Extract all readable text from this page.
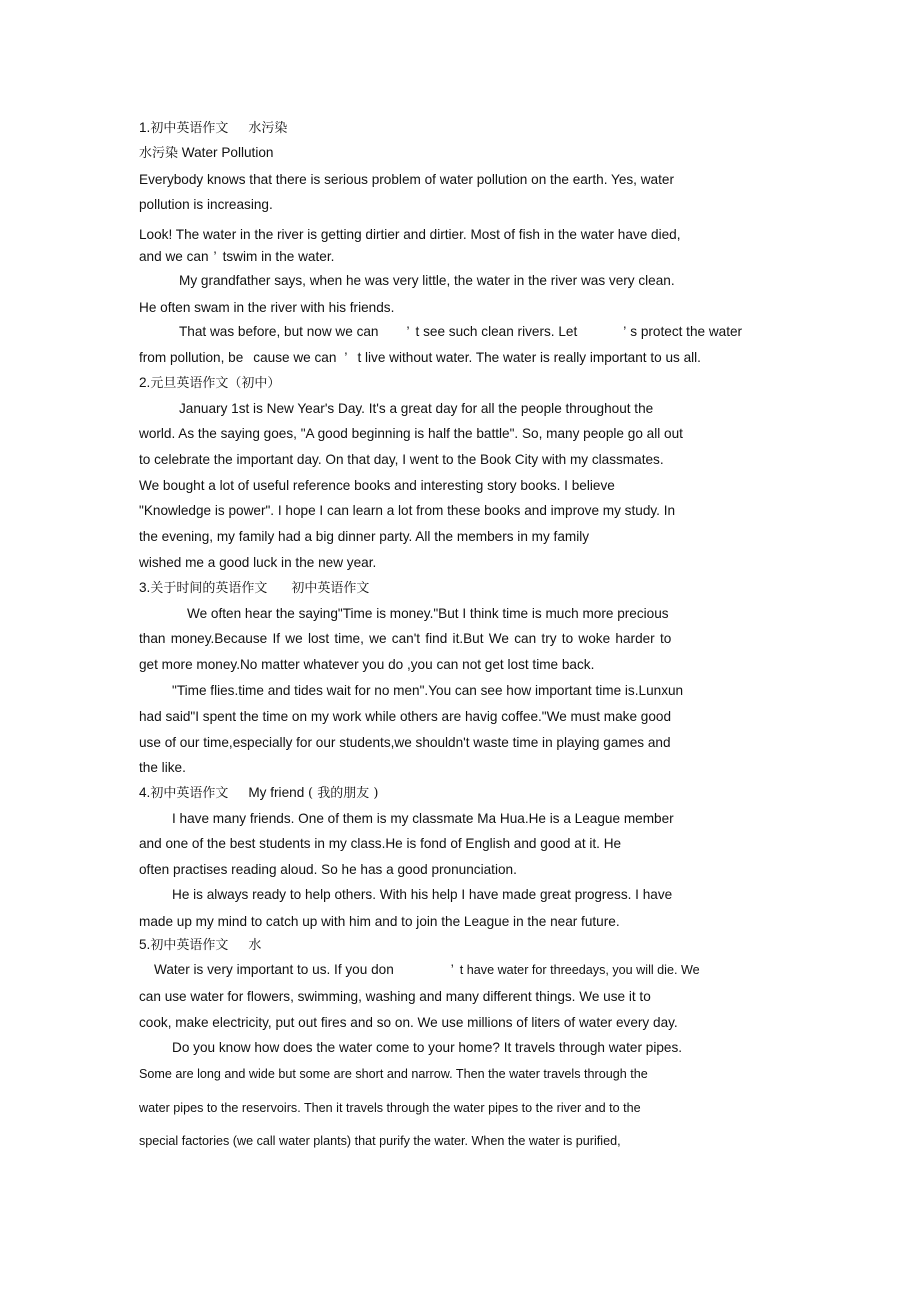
1.初中英语作文 水污染
水污染 Water Pollution
Everybody knows that there is serious problem of water pollution on the earth. Yes, water
pollution is increasing.
Look! The water in the river is getting dirtier and dirtier. Most of fish in the water have died,
and we can ’ tswim in the water.
My grandfather says, when he was very little, the water in the river was very clean.
He often swam in the river with his friends.
That was before, but now we can ’ t see such clean rivers. Let	’ s protect the water
from pollution, be cause we can ’ t live without water. The water is really important to us all.
2.元旦英语作文（初中）
January 1st is New Year's Day. It's a great day for all the people throughout the
world. As the saying goes, "A good beginning is half the battle". So, many people go all out
to celebrate the important day. On that day, I went to the Book City with my classmates.
We bought a lot of useful reference books and interesting story books. I believe
"Knowledge is power". I hope I can learn a lot from these books and improve my study. In
the evening, my family had a big dinner party. All the members in my family
wished me a good luck in the new year.
3.关于时间的英语作文 初中英语作文
We often hear the saying"Time is money."But I think time is much more precious
than money.Because If we lost time, we can't find it.But We can try to woke harder to
get more money.No matter whatever you do ,you can not get lost time back.
"Time flies.time and tides wait for no men".You can see how important time is.Lunxun
had said"I spent the time on my work while others are havig coffee."We must make good
use of our time,especially for our students,we shouldn't waste time in playing games and
the like.
4.初中英语作文 My friend ( 我的朋友 )
I have many friends. One of them is my classmate Ma Hua.He is a League member
and one of the best students in my class.He is fond of English and good at it. He
often practises reading aloud. So he has a good pronunciation.
He is always ready to help others. With his help I have made great progress. I have
made up my mind to catch up with him and to join the League in the near future.
5.初中英语作文 水
Water is very important to us. If you don	’ t have water for threedays, you will die. We
can use water for flowers, swimming, washing and many different things. We use it to
cook, make electricity, put out fires and so on. We use millions of liters of water every day.
Do you know how does the water come to your home? It travels through water pipes.
Some are long and wide but some are short and narrow. Then the water travels through the
water pipes to the reservoirs. Then it travels through the water pipes to the river and to the
special factories (we call water plants) that purify the water. When the water is purified,
